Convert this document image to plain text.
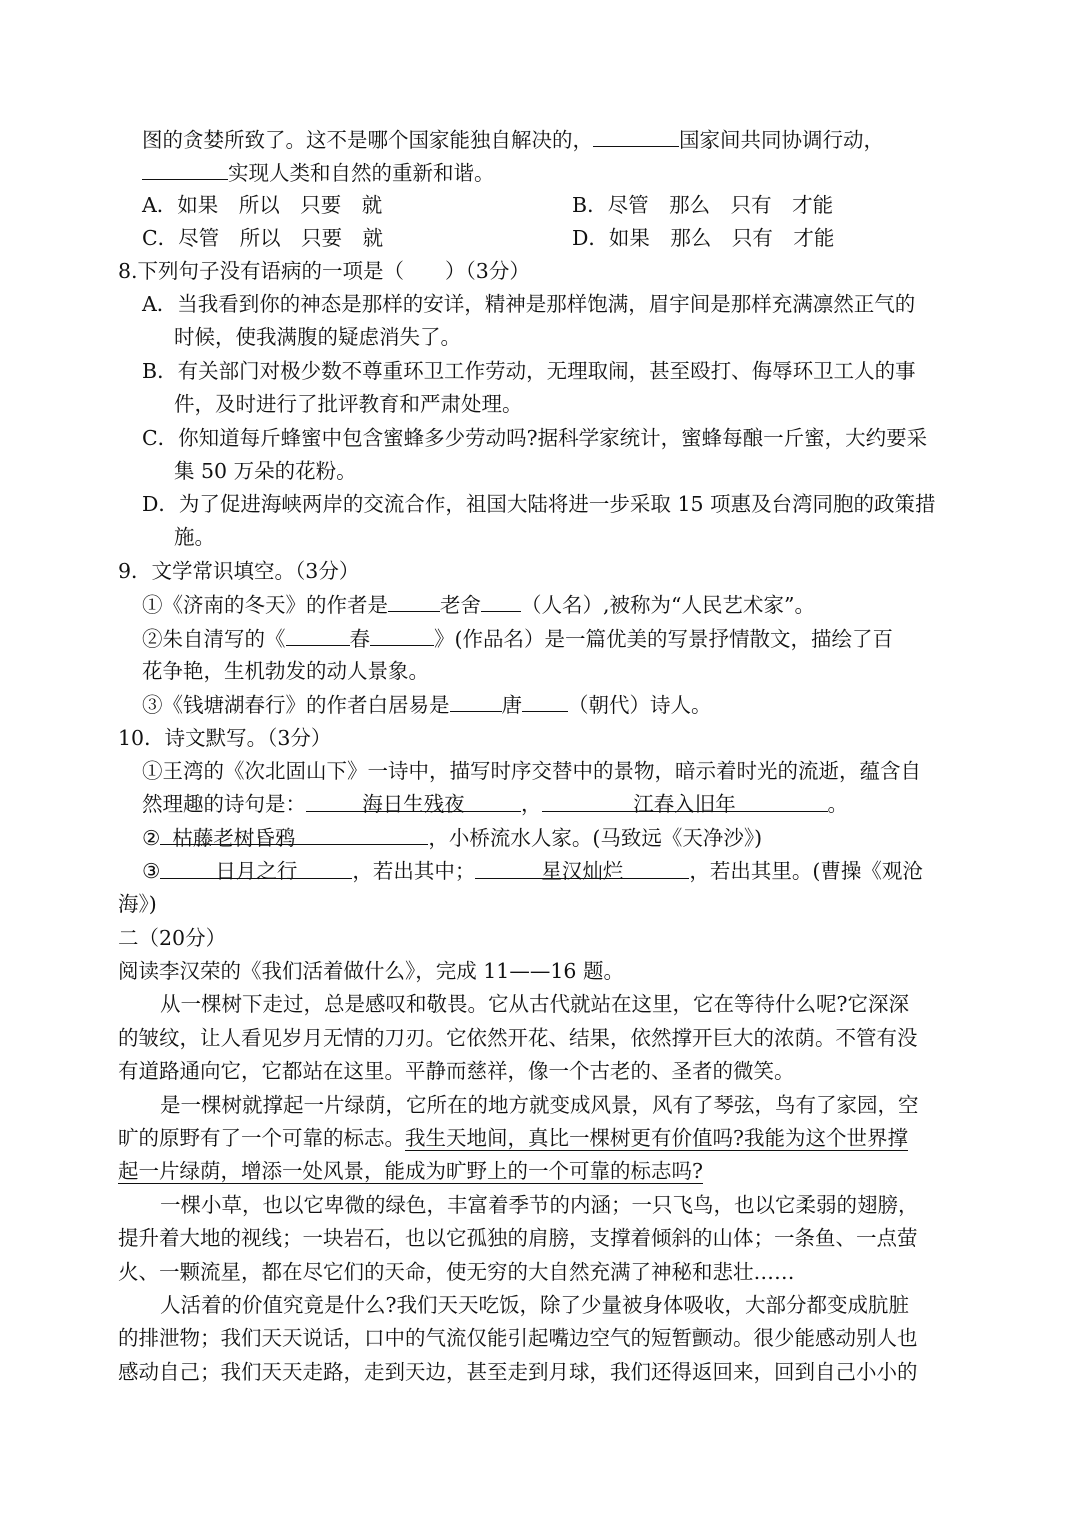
图的贪婪所致了。这不是哪个国家能独自解决的，	国家间共同协调行动，
实现人类和自然的重新和谐。
A．如果　所以　只要　就	B．尽管　那么　只有　才能
C．尽管　所以　只要　就	D．如果　那么　只有　才能
8.下列句子没有语病的一项是（　　）（3分）
A．当我看到你的神态是那样的安详，精神是那样饱满，眉宇间是那样充满凛然正气的
时候，使我满腹的疑虑消失了。
B．有关部门对极少数不尊重环卫工作劳动，无理取闹，甚至殴打、侮辱环卫工人的事
件，及时进行了批评教育和严肃处理。
C．你知道每斤蜂蜜中包含蜜蜂多少劳动吗?据科学家统计，蜜蜂每酿一斤蜜，大约要采
集 50 万朵的花粉。
D．为了促进海峡两岸的交流合作，祖国大陆将进一步采取 15 项惠及台湾同胞的政策措
施。
9．文学常识填空。（3分）
①《济南的冬天》的作者是	老舍 （人名）,被称为“人民艺术家”。
②朱自清写的《	春	》(作品名）是一篇优美的写景抒情散文，描绘了百
花争艳，生机勃发的动人景象。
③《钱塘湖春行》的作者白居易是	唐 （朝代）诗人。
10．诗文默写。（3分）
①王湾的《次北固山下》一诗中，描写时序交替中的景物，暗示着时光的流逝，蕴含自
然理趣的诗句是：	海日生残夜	，	江春入旧年	。
② 枯藤老树昏鸦	，小桥流水人家。(马致远《天净沙》)
③	日月之行	，若出其中；	星汉灿烂	，若出其里。(曹操《观沧
海》)
二（20分）
阅读李汉荣的《我们活着做什么》，完成 11——16 题。
从一棵树下走过，总是感叹和敬畏。它从古代就站在这里，它在等待什么呢?它深深
的皱纹，让人看见岁月无情的刀刃。它依然开花、结果，依然撑开巨大的浓荫。不管有没
有道路通向它，它都站在这里。平静而慈祥，像一个古老的、圣者的微笑。
是一棵树就撑起一片绿荫，它所在的地方就变成风景，风有了琴弦，鸟有了家园，空
旷的原野有了一个可靠的标志。我生天地间，真比一棵树更有价值吗?我能为这个世界撑
起一片绿荫，增添一处风景，能成为旷野上的一个可靠的标志吗?
一棵小草，也以它卑微的绿色，丰富着季节的内涵；一只飞鸟，也以它柔弱的翅膀，
提升着大地的视线；一块岩石，也以它孤独的肩膀，支撑着倾斜的山体；一条鱼、一点萤
火、一颗流星，都在尽它们的天命，使无穷的大自然充满了神秘和悲壮……
人活着的价值究竟是什么?我们天天吃饭，除了少量被身体吸收，大部分都变成肮脏
的排泄物；我们天天说话，口中的气流仅能引起嘴边空气的短暂颤动。很少能感动别人也
感动自己；我们天天走路，走到天边，甚至走到月球，我们还得返回来，回到自己小小的
